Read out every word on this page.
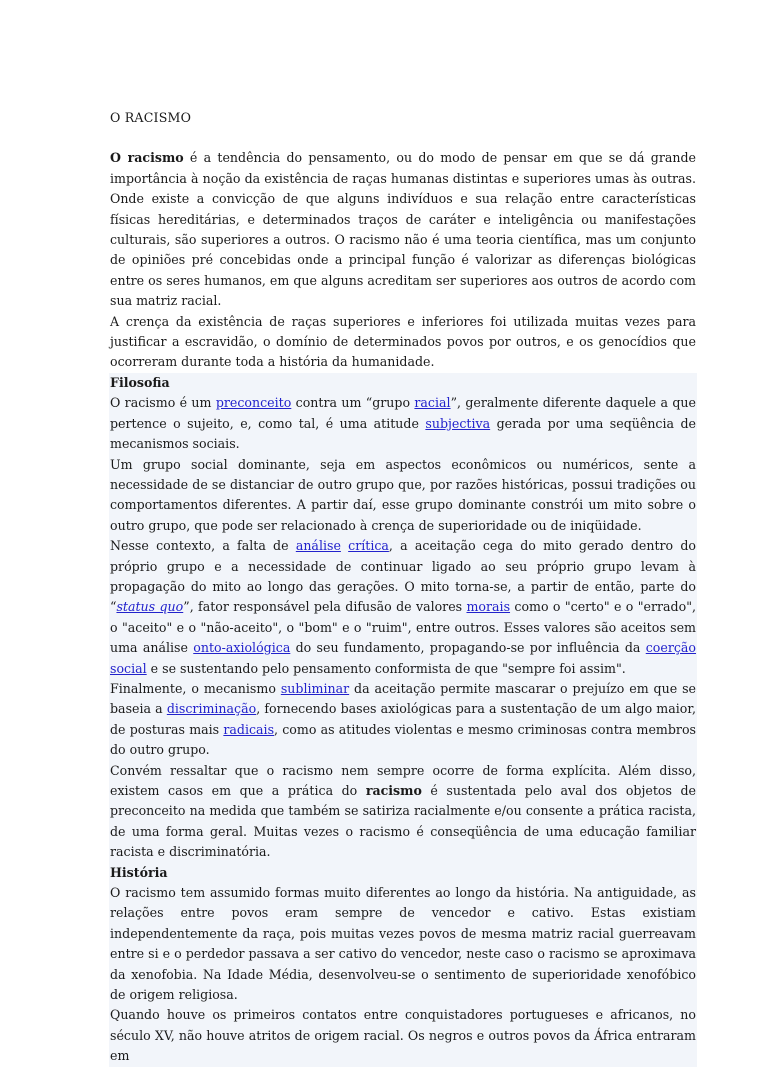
O RACISMO

O racismo é a tendência do pensamento, ou do modo de pensar em que se dá grande importância à noção da existência de raças humanas distintas e superiores umas às outras. Onde existe a convicção de que alguns indivíduos e sua relação entre características físicas hereditárias, e determinados traços de caráter e inteligência ou manifestações culturais, são superiores a outros. O racismo não é uma teoria científica, mas um conjunto de opiniões pré concebidas onde a principal função é valorizar as diferenças biológicas entre os seres humanos, em que alguns acreditam ser superiores aos outros de acordo com sua matriz racial.

A crença da existência de raças superiores e inferiores foi utilizada muitas vezes para justificar a escravidão, o domínio de determinados povos por outros, e os genocídios que ocorreram durante toda a história da humanidade.

Filosofia

O racismo é um preconceito contra um “grupo racial”, geralmente diferente daquele a que pertence o sujeito, e, como tal, é uma atitude subjectiva gerada por uma seqüência de mecanismos sociais.

Um grupo social dominante, seja em aspectos econômicos ou numéricos, sente a necessidade de se distanciar de outro grupo que, por razões históricas, possui tradições ou comportamentos diferentes. A partir daí, esse grupo dominante constrói um mito sobre o outro grupo, que pode ser relacionado à crença de superioridade ou de iniqüidade.

Nesse contexto, a falta de análise crítica, a aceitação cega do mito gerado dentro do próprio grupo e a necessidade de continuar ligado ao seu próprio grupo levam à propagação do mito ao longo das gerações. O mito torna-se, a partir de então, parte do “status quo”, fator responsável pela difusão de valores morais como o "certo" e o "errado", o "aceito" e o "não-aceito", o "bom" e o "ruim", entre outros. Esses valores são aceitos sem uma análise onto-axiológica do seu fundamento, propagando-se por influência da coerção social e se sustentando pelo pensamento conformista de que "sempre foi assim".

Finalmente, o mecanismo subliminar da aceitação permite mascarar o prejuízo em que se baseia a discriminação, fornecendo bases axiológicas para a sustentação de um algo maior, de posturas mais radicais, como as atitudes violentas e mesmo criminosas contra membros do outro grupo.

Convém ressaltar que o racismo nem sempre ocorre de forma explícita. Além disso, existem casos em que a prática do racismo é sustentada pelo aval dos objetos de preconceito na medida que também se satiriza racialmente e/ou consente a prática racista, de uma forma geral. Muitas vezes o racismo é conseqüência de uma educação familiar racista e discriminatória.

História

O racismo tem assumido formas muito diferentes ao longo da história. Na antiguidade, as relações entre povos eram sempre de vencedor e cativo. Estas existiam independentemente da raça, pois muitas vezes povos de mesma matriz racial guerreavam entre si e o perdedor passava a ser cativo do vencedor, neste caso o racismo se aproximava da xenofobia. Na Idade Média, desenvolveu-se o sentimento de superioridade xenofóbico de origem religiosa.

Quando houve os primeiros contatos entre conquistadores portugueses e africanos, no século XV, não houve atritos de origem racial. Os negros e outros povos da África entraram em
